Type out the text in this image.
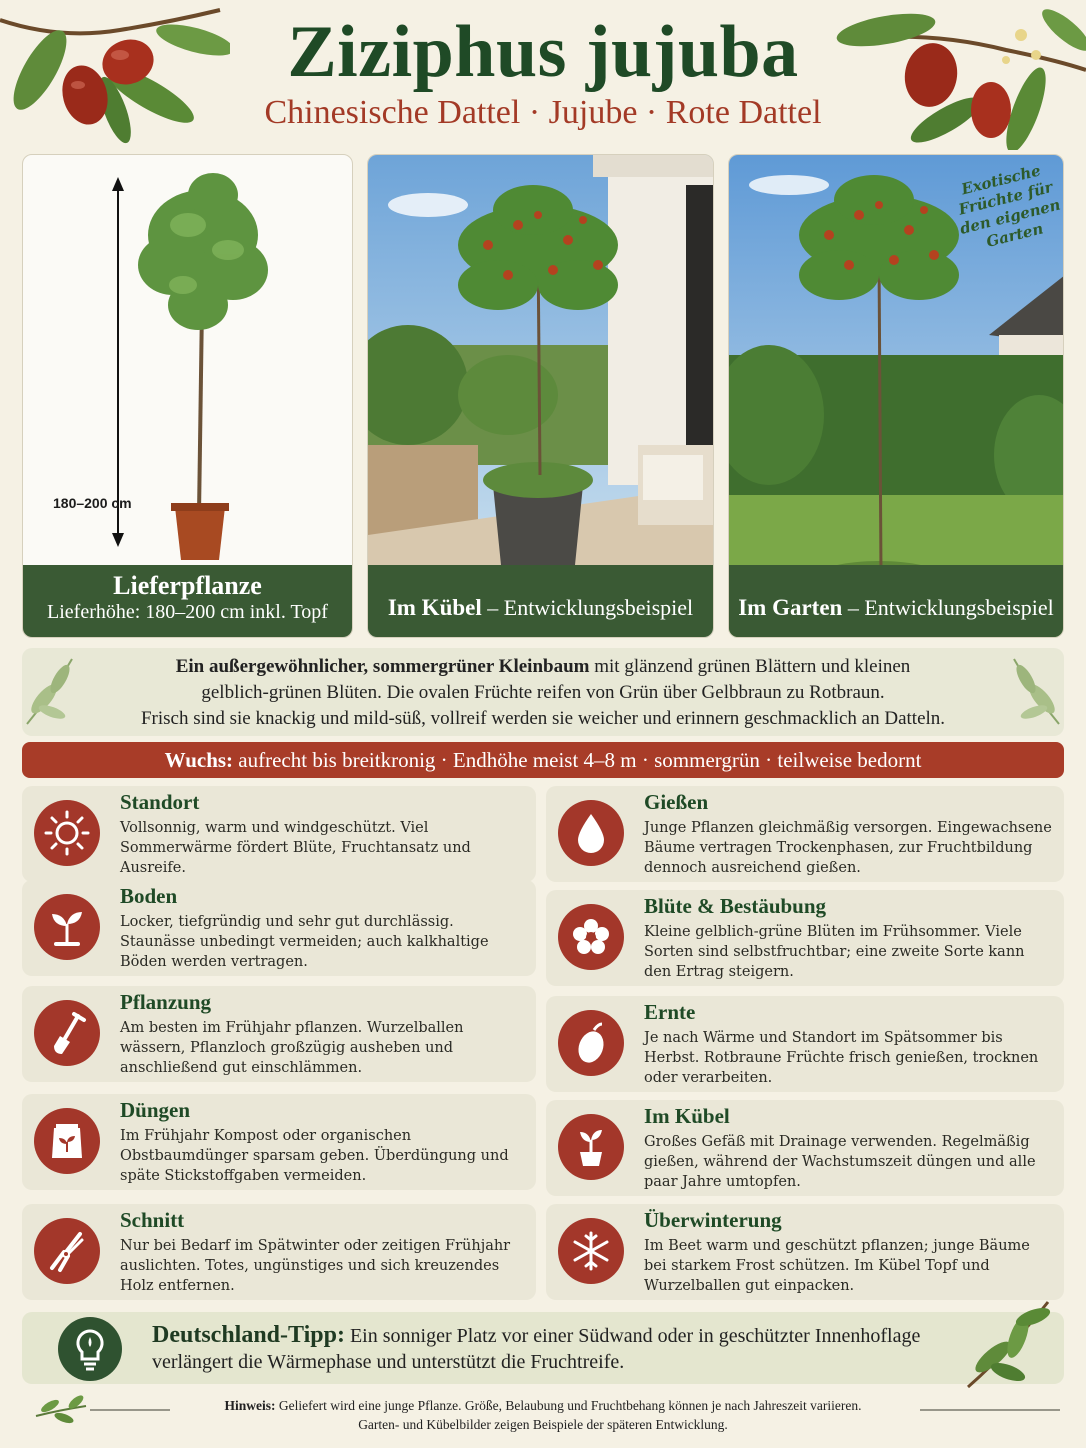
Ziziphus jujuba
Chinesische Dattel · Jujube · Rote Dattel
180–200 cm
Lieferpflanze
Lieferhöhe: 180–200 cm inkl. Topf	Im Kübel – Entwicklungsbeispiel	Im Garten – Entwicklungsbeispiel
Exotische Früchte für den eigenen Garten
Ein außergewöhnlicher, sommergrüner Kleinbaum mit glänzend grünen Blättern und kleinen
gelblich-grünen Blüten. Die ovalen Früchte reifen von Grün über Gelbbraun zu Rotbraun.
Frisch sind sie knackig und mild-süß, vollreif werden sie weicher und erinnern geschmacklich an Datteln.
Wuchs: aufrecht bis breitkronig · Endhöhe meist 4–8 m · sommergrün · teilweise bedornt
Standort
Vollsonnig, warm und windgeschützt. Viel Sommerwärme fördert Blüte, Fruchtansatz und Ausreife.
Boden
Locker, tiefgründig und sehr gut durchlässig. Staunässe unbedingt vermeiden; auch kalkhaltige Böden werden vertragen.
Pflanzung
Am besten im Frühjahr pflanzen. Wurzelballen wässern, Pflanzloch großzügig ausheben und anschließend gut einschlämmen.
Düngen
Im Frühjahr Kompost oder organischen Obstbaumdünger sparsam geben. Überdüngung und späte Stickstoffgaben vermeiden.
Schnitt
Nur bei Bedarf im Spätwinter oder zeitigen Frühjahr auslichten. Totes, ungünstiges und sich kreuzendes Holz entfernen.
Gießen
Junge Pflanzen gleichmäßig versorgen. Eingewachsene Bäume vertragen Trockenphasen, zur Fruchtbildung dennoch ausreichend gießen.
Blüte & Bestäubung
Kleine gelblich-grüne Blüten im Frühsommer. Viele Sorten sind selbstfruchtbar; eine zweite Sorte kann den Ertrag steigern.
Ernte
Je nach Wärme und Standort im Spätsommer bis Herbst. Rotbraune Früchte frisch genießen, trocknen oder verarbeiten.
Im Kübel
Großes Gefäß mit Drainage verwenden. Regelmäßig gießen, während der Wachstumszeit düngen und alle paar Jahre umtopfen.
Überwinterung
Im Beet warm und geschützt pflanzen; junge Bäume bei starkem Frost schützen. Im Kübel Topf und Wurzelballen gut einpacken.
Deutschland-Tipp: Ein sonniger Platz vor einer Südwand oder in geschützter Innenhoflage verlängert die Wärmephase und unterstützt die Fruchtreife.
Hinweis: Geliefert wird eine junge Pflanze. Größe, Belaubung und Fruchtbehang können je nach Jahreszeit variieren.
Garten- und Kübelbilder zeigen Beispiele der späteren Entwicklung.
